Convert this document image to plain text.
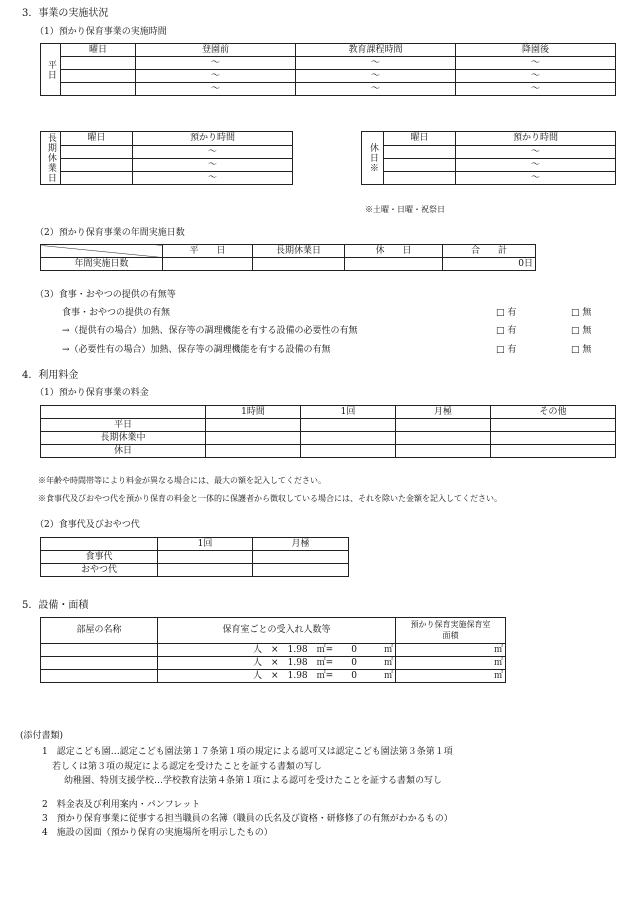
3．事業の実施状況
（1）預かり保育事業の実施時間
平日	曜日	登園前	教育課程時間	降園後
		～	～	～
		～	～	～
		～	～	～
長期休業日	曜日	預かり時間
		～
		～
		～
休日※	曜日	預かり時間
		～
		～
		～
※土曜・日曜・祝祭日
（2）預かり保育事業の年間実施日数
	平　　日	長期休業日	休　　日	合　　計
年間実施日数				0日
（3）食事・おやつの提供の有無等
食事・おやつの提供の有無	□ 有	□ 無
→（提供有の場合）加熱、保存等の調理機能を有する設備の必要性の有無	□ 有	□ 無
→（必要性有の場合）加熱、保存等の調理機能を有する設備の有無	□ 有	□ 無
4．利用料金
（1）預かり保育事業の料金
	1時間	1回	月極	その他
平日				
長期休業中				
休日				
※年齢や時間帯等により料金が異なる場合には、最大の額を記入してください。
※食事代及びおやつ代を預かり保育の料金と一体的に保護者から徴収している場合には、それを除いた金額を記入してください。
（2）食事代及びおやつ代
	1回	月極
食事代		
おやつ代		
5．設備・面積
部屋の名称	保育室ごとの受入れ人数等	預かり保育実施保育室面積
	人　 ×　 1.98　 ㎡=　　 0　　　 ㎡	㎡
	人　 ×　 1.98　 ㎡=　　 0　　　 ㎡	㎡
	人　 ×　 1.98　 ㎡=　　 0　　　 ㎡	㎡
(添付書類)
1　認定こども園…認定こども園法第１７条第１項の規定による認可又は認定こども園法第３条第１項
若しくは第３項の規定による認定を受けたことを証する書類の写し
幼稚園、特別支援学校…学校教育法第４条第１項による認可を受けたことを証する書類の写し
2　料金表及び利用案内・パンフレット
3　預かり保育事業に従事する担当職員の名簿（職員の氏名及び資格・研修修了の有無がわかるもの）
4　施設の図面（預かり保育の実施場所を明示したもの）
